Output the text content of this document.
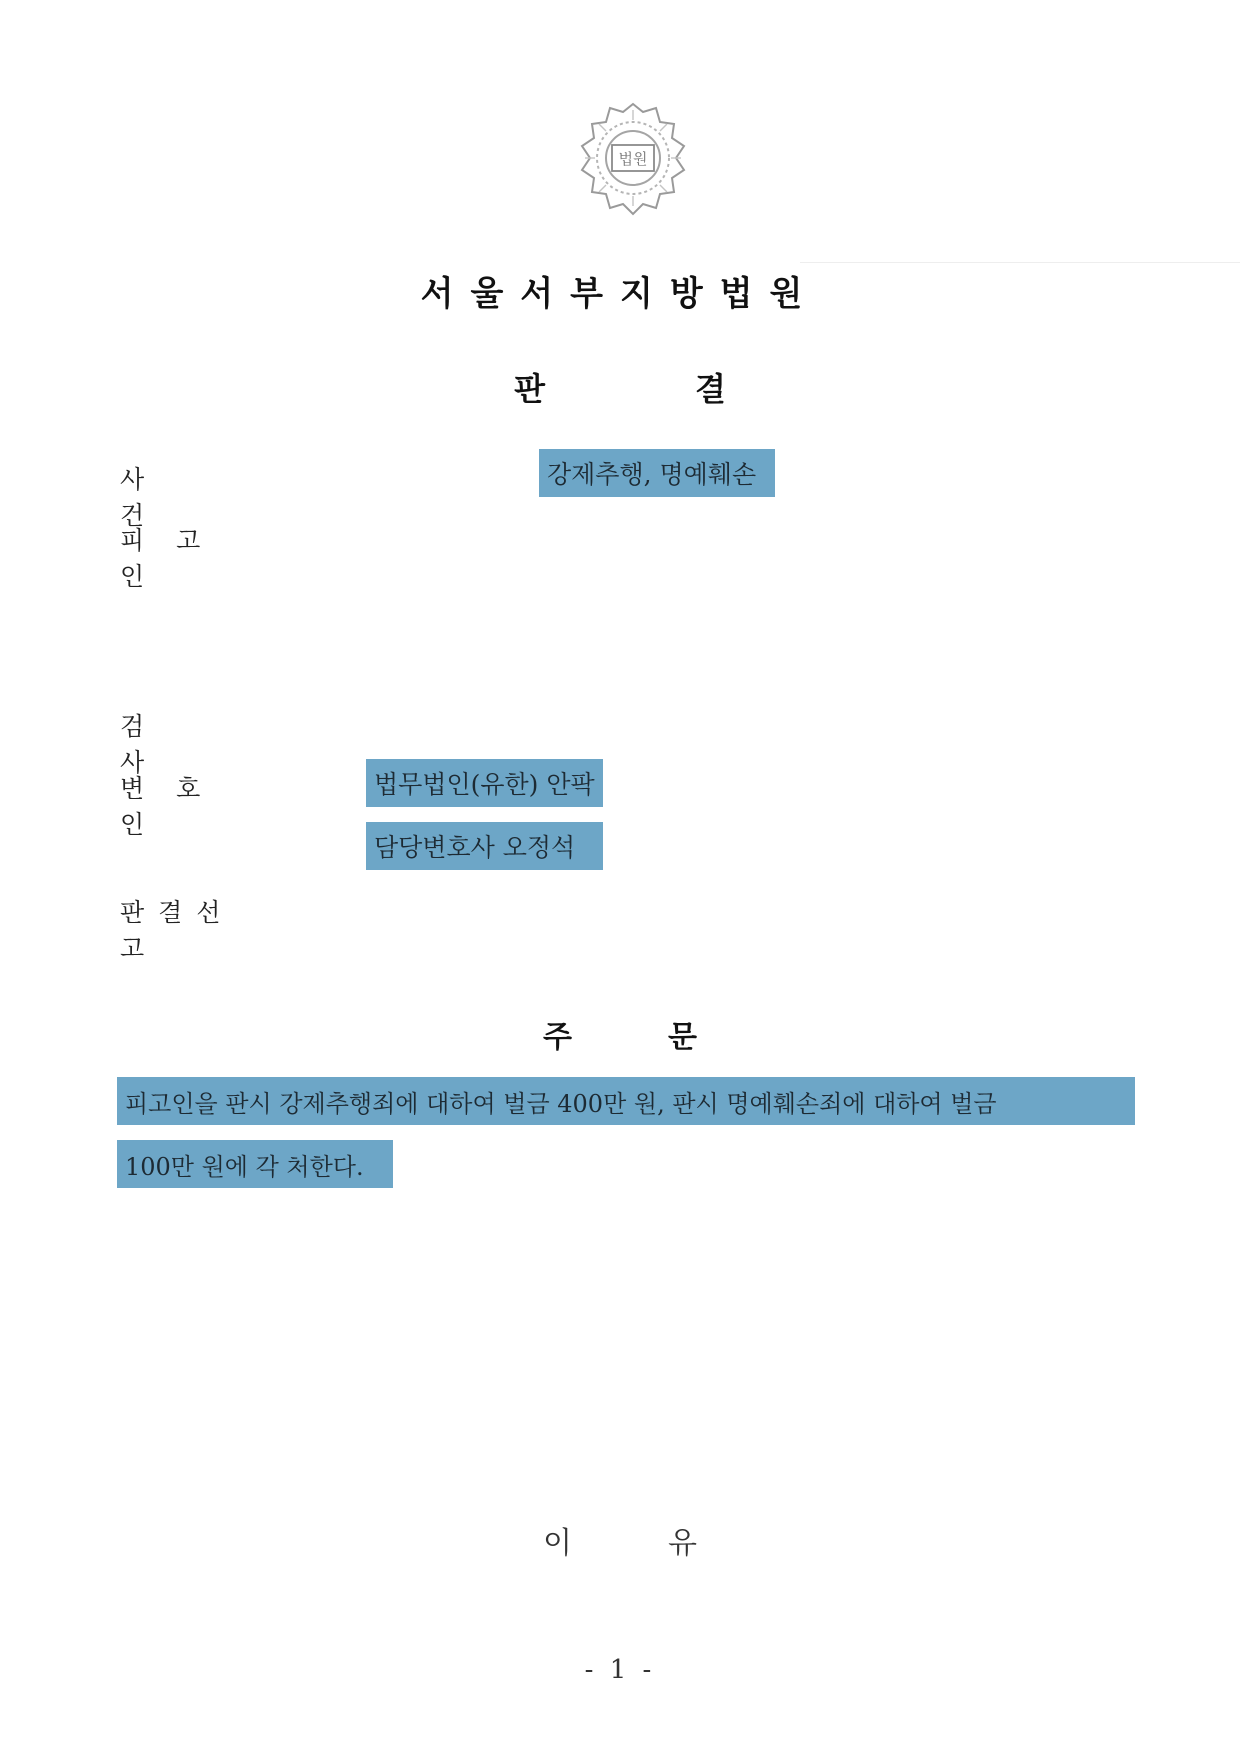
법원
서울서부지방법원
판결
사건
강제추행, 명예훼손
피고인
검사
변호인
법무법인(유한) 안팍
담당변호사 오정석
판결선고
주문
피고인을 판시 강제추행죄에 대하여 벌금 400만 원, 판시 명예훼손죄에 대하여 벌금
100만 원에 각 처한다.
이유
- 1 -
